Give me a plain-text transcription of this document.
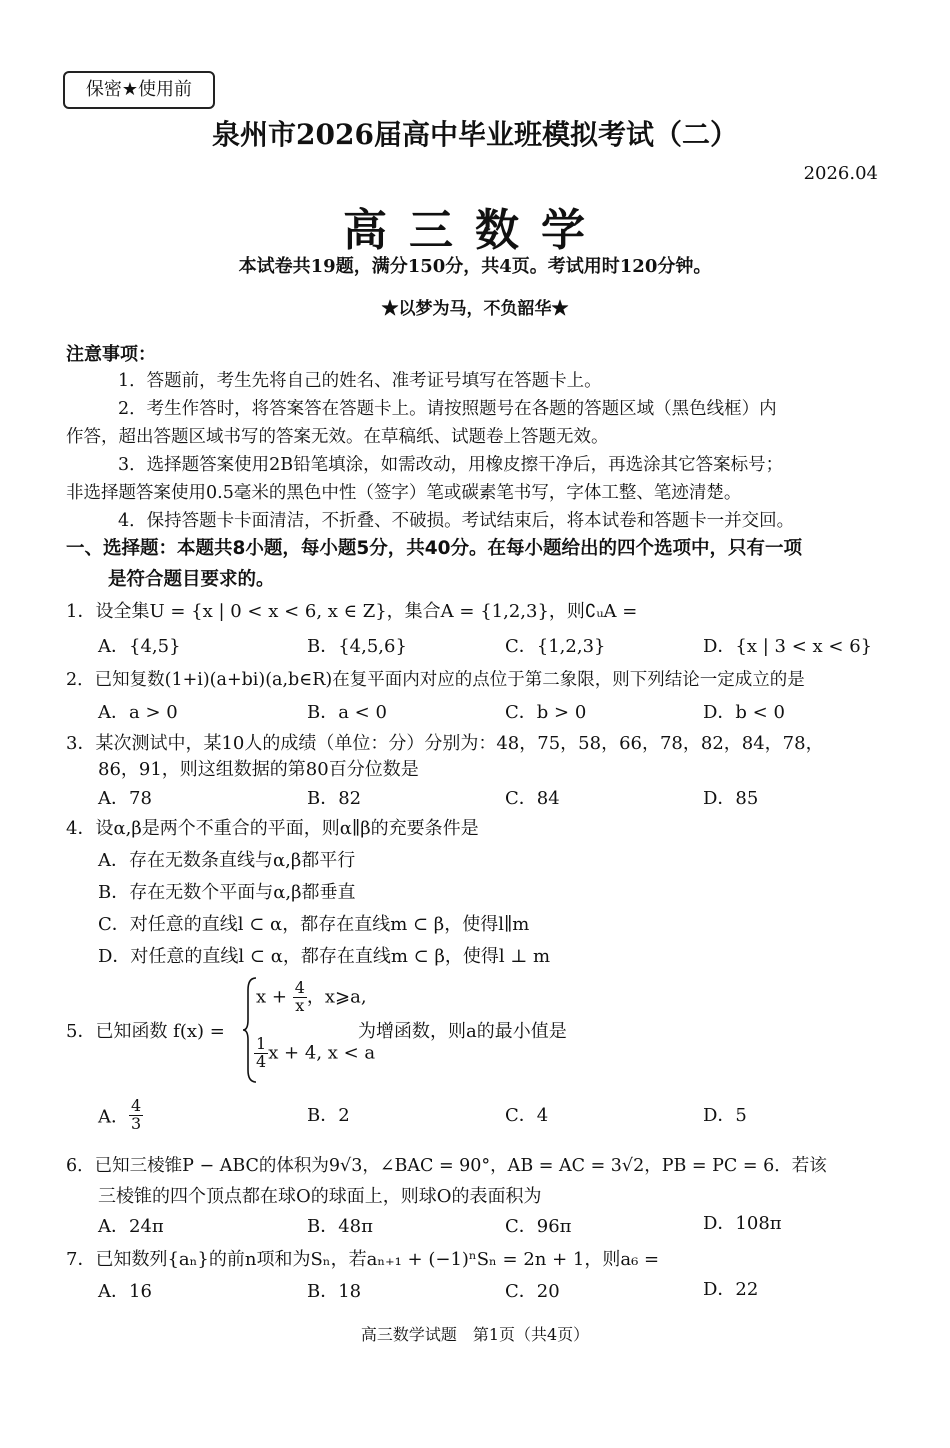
保密★使用前
泉州市2026届高中毕业班模拟考试（二）
2026.04
高三数学
本试卷共19题，满分150分，共4页。考试用时120分钟。
★以梦为马，不负韶华★
注意事项：
1．答题前，考生先将自己的姓名、准考证号填写在答题卡上。
2．考生作答时，将答案答在答题卡上。请按照题号在各题的答题区域（黑色线框）内
作答，超出答题区域书写的答案无效。在草稿纸、试题卷上答题无效。
3．选择题答案使用2B铅笔填涂，如需改动，用橡皮擦干净后，再选涂其它答案标号；
非选择题答案使用0.5毫米的黑色中性（签字）笔或碳素笔书写，字体工整、笔迹清楚。
4．保持答题卡卡面清洁，不折叠、不破损。考试结束后，将本试卷和答题卡一并交回。
一、选择题：本题共8小题，每小题5分，共40分。在每小题给出的四个选项中，只有一项
是符合题目要求的。
1．设全集U = {x | 0 < x < 6, x ∈ Z}，集合A = {1,2,3}，则∁ᵤA =
A．{4,5}	B．{4,5,6}	C．{1,2,3}	D．{x | 3 < x < 6}
2．已知复数(1+i)(a+bi)(a,b∈R)在复平面内对应的点位于第二象限，则下列结论一定成立的是
A．a > 0	B．a < 0	C．b > 0	D．b < 0
3．某次测试中，某10人的成绩（单位：分）分别为：48，75，58，66，78，82，84，78，
86，91，则这组数据的第80百分位数是
A．78	B．82	C．84	D．85
4．设α,β是两个不重合的平面，则α∥β的充要条件是
A．存在无数条直线与α,β都平行
B．存在无数个平面与α,β都垂直
C．对任意的直线l ⊂ α，都存在直线m ⊂ β，使得l∥m
D．对任意的直线l ⊂ α，都存在直线m ⊂ β，使得l ⊥ m
5．已知函数 f(x) =
$x + \frac{4}{x}$ ，x⩾a,
$\frac{1}{4}$ x + 4, x < a
为增函数，则a的最小值是
A． $\frac{4}{3}$	B．2	C．4	D．5
6．已知三棱锥P − ABC的体积为9√3，∠BAC = 90°，AB = AC = 3√2，PB = PC = 6．若该
三棱锥的四个顶点都在球O的球面上，则球O的表面积为
A．24π	B．48π	C．96π	D．108π
7．已知数列{aₙ}的前n项和为Sₙ，若aₙ₊₁ + (−1)ⁿSₙ = 2n + 1，则a₆ =
A．16	B．18	C．20	D．22
高三数学试题　第1页（共4页）
